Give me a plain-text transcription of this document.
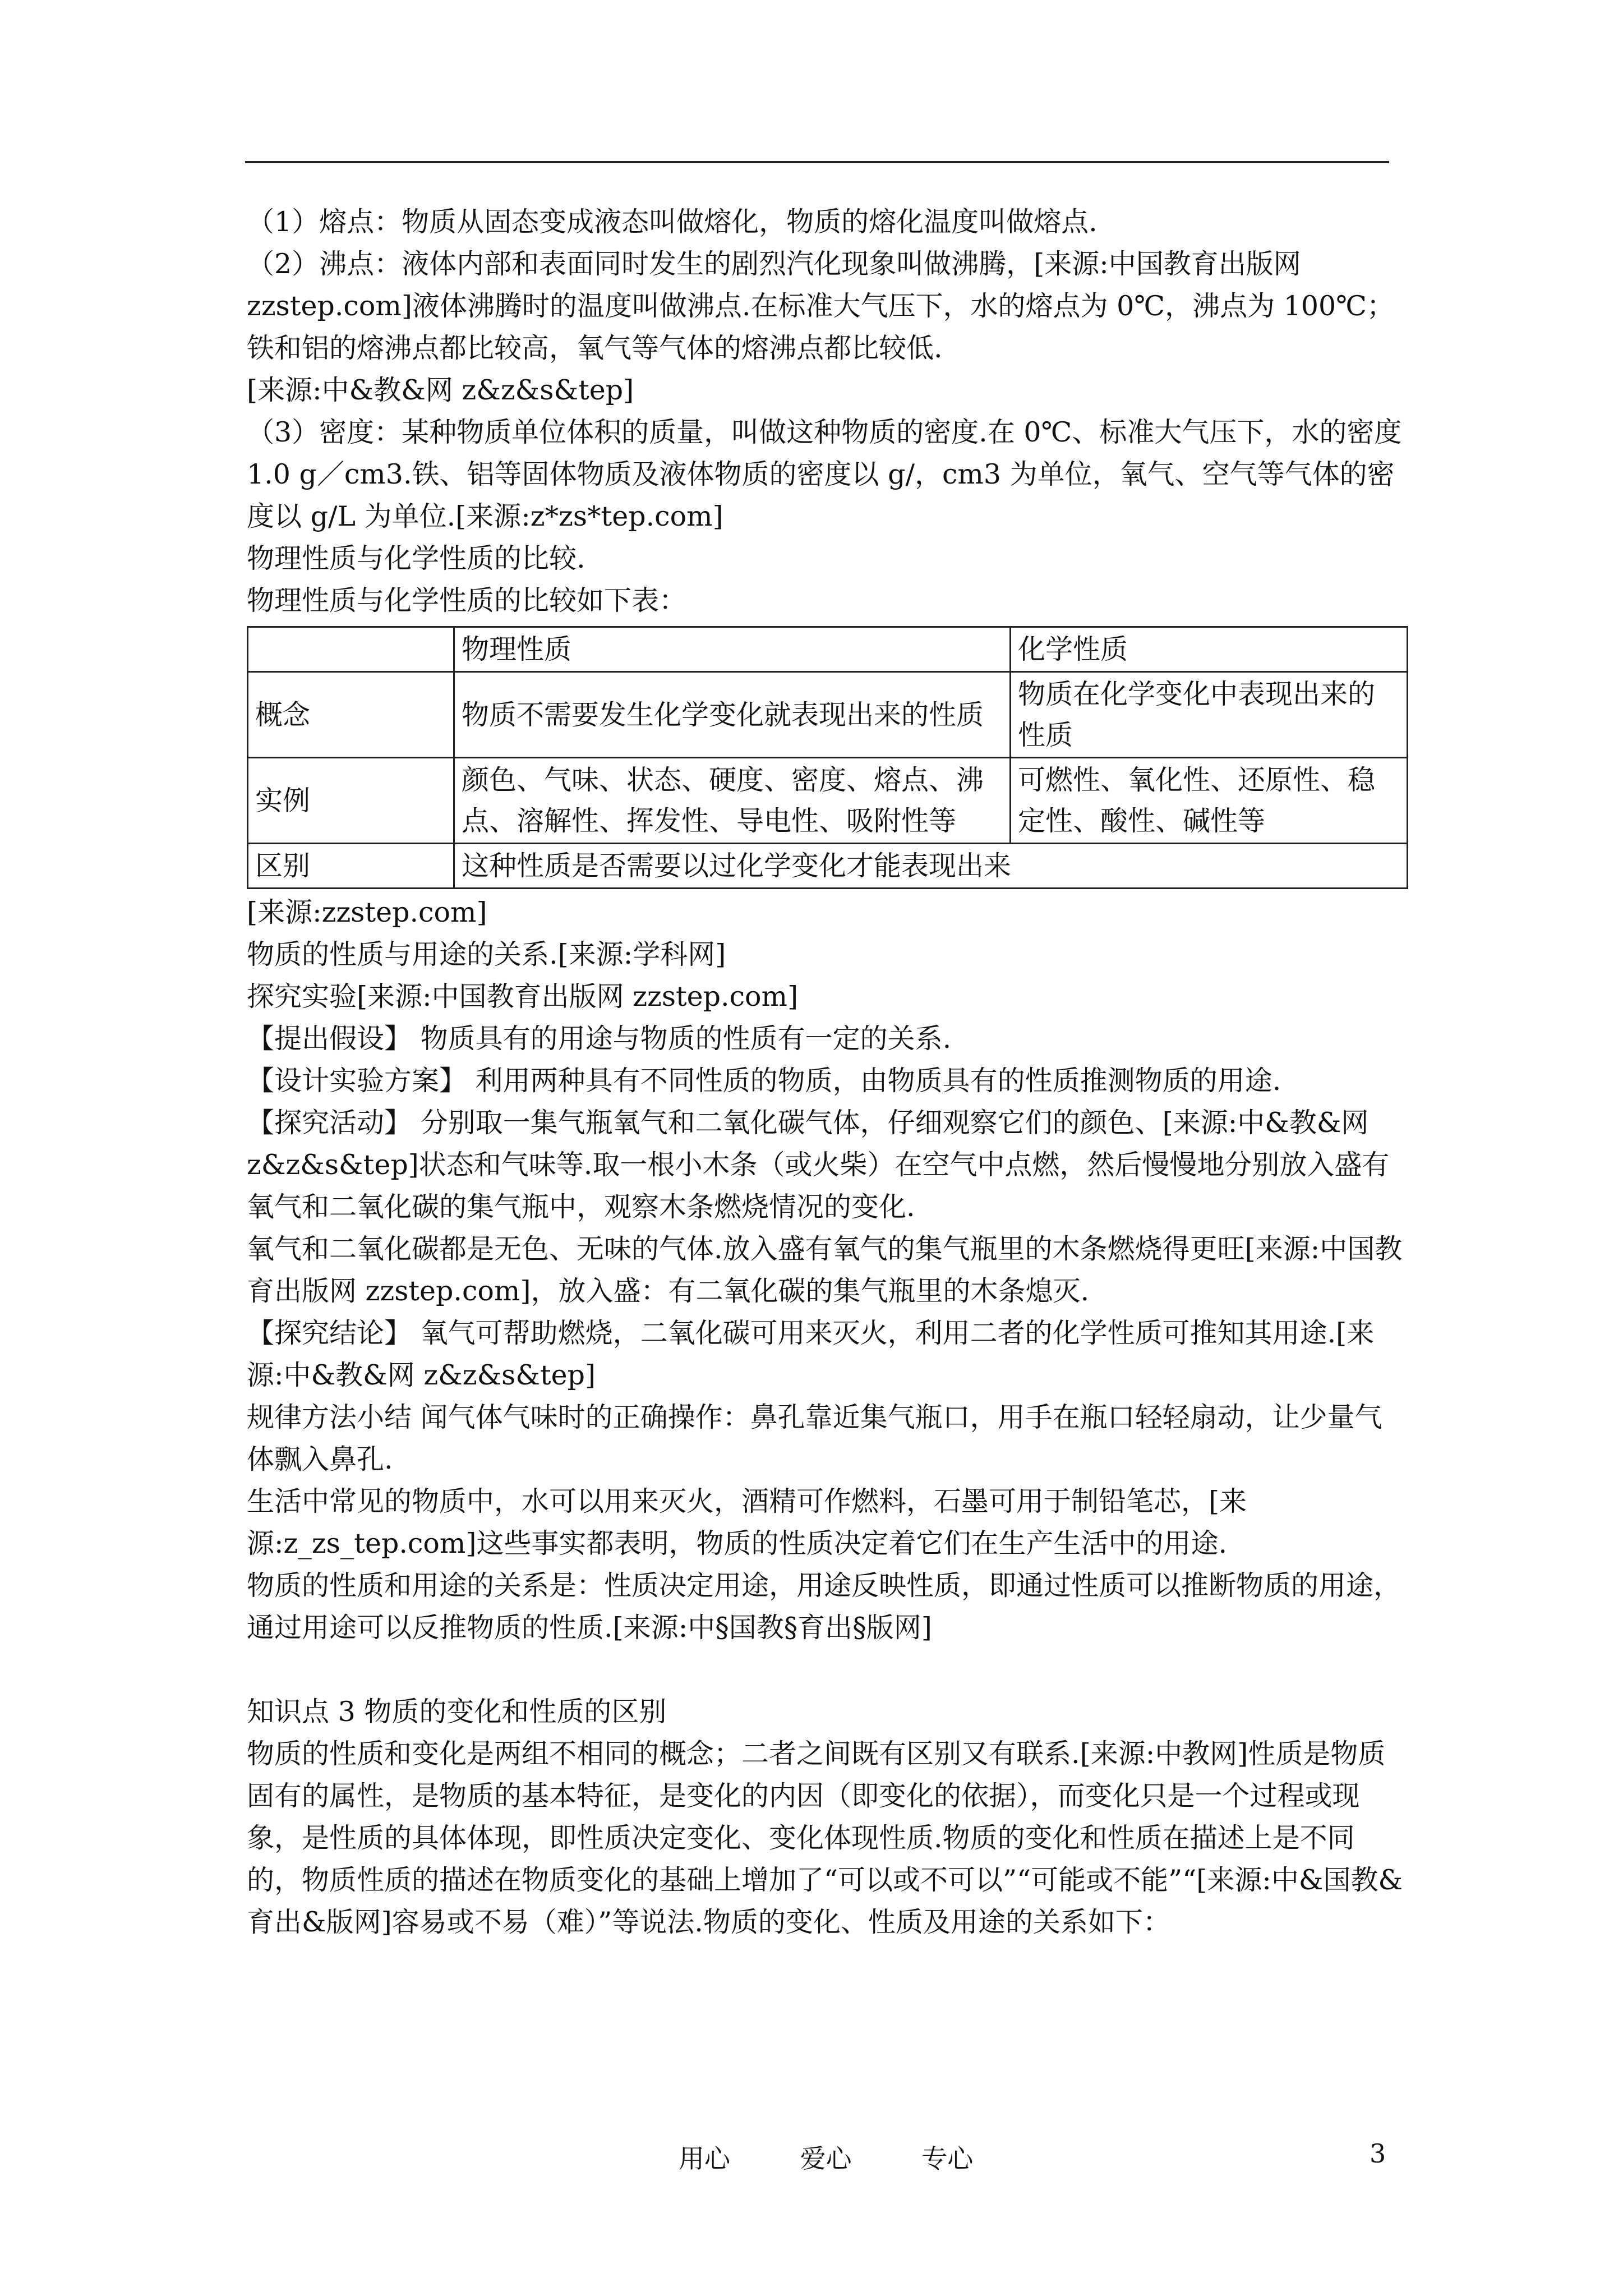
（1）熔点：物质从固态变成液态叫做熔化，物质的熔化温度叫做熔点.

（2）沸点：液体内部和表面同时发生的剧烈汽化现象叫做沸腾，[来源:中国教育出版网zzstep.com]液体沸腾时的温度叫做沸点.在标准大气压下，水的熔点为 0℃，沸点为 100℃；铁和铝的熔沸点都比较高，氧气等气体的熔沸点都比较低.

[来源:中&教&网 z&z&s&tep]

（3）密度：某种物质单位体积的质量，叫做这种物质的密度.在 0℃、标准大气压下，水的密度 1.0 g／cm3.铁、铝等固体物质及液体物质的密度以 g/，cm3 为单位，氧气、空气等气体的密度以 g/L 为单位.[来源:z*zs*tep.com]

物理性质与化学性质的比较.

物理性质与化学性质的比较如下表：

	物理性质	化学性质
概念	物质不需要发生化学变化就表现出来的性质	物质在化学变化中表现出来的性质
实例	颜色、气味、状态、硬度、密度、熔点、沸点、溶解性、挥发性、导电性、吸附性等	可燃性、氧化性、还原性、稳定性、酸性、碱性等
区别	这种性质是否需要以过化学变化才能表现出来	

[来源:zzstep.com]

物质的性质与用途的关系.[来源:学科网]

探究实验[来源:中国教育出版网 zzstep.com]

【提出假设】 物质具有的用途与物质的性质有一定的关系.

【设计实验方案】 利用两种具有不同性质的物质，由物质具有的性质推测物质的用途.

【探究活动】 分别取一集气瓶氧气和二氧化碳气体，仔细观察它们的颜色、[来源:中&教&网 z&z&s&tep]状态和气味等.取一根小木条（或火柴）在空气中点燃，然后慢慢地分别放入盛有氧气和二氧化碳的集气瓶中，观察木条燃烧情况的变化.

氧气和二氧化碳都是无色、无味的气体.放入盛有氧气的集气瓶里的木条燃烧得更旺[来源:中国教育出版网 zzstep.com]，放入盛：有二氧化碳的集气瓶里的木条熄灭.

【探究结论】 氧气可帮助燃烧，二氧化碳可用来灭火，利用二者的化学性质可推知其用途.[来源:中&教&网 z&z&s&tep]

规律方法小结 闻气体气味时的正确操作：鼻孔靠近集气瓶口，用手在瓶口轻轻扇动，让少量气体飘入鼻孔.

生活中常见的物质中，水可以用来灭火，酒精可作燃料，石墨可用于制铅笔芯，[来源:z_zs_tep.com]这些事实都表明，物质的性质决定着它们在生产生活中的用途.

物质的性质和用途的关系是：性质决定用途，用途反映性质，即通过性质可以推断物质的用途，通过用途可以反推物质的性质.[来源:中§国教§育出§版网]

知识点 3 物质的变化和性质的区别

物质的性质和变化是两组不相同的概念；二者之间既有区别又有联系.[来源:中教网]性质是物质固有的属性，是物质的基本特征，是变化的内因（即变化的依据），而变化只是一个过程或现象，是性质的具体体现，即性质决定变化、变化体现性质.物质的变化和性质在描述上是不同的，物质性质的描述在物质变化的基础上增加了“可以或不可以”“可能或不能”“[来源:中&国教&育出&版网]容易或不易（难）”等说法.物质的变化、性质及用途的关系如下：

用心	爱心	专心	3
